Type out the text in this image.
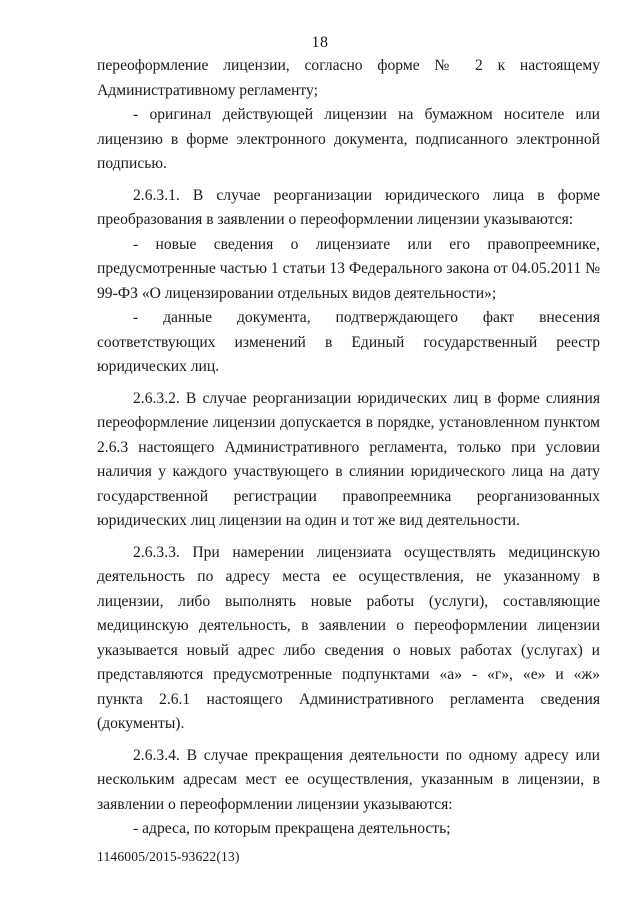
18

переоформление лицензии, согласно форме № 2 к настоящему Административному регламенту;

- оригинал действующей лицензии на бумажном носителе или лицензию в форме электронного документа, подписанного электронной подписью.

2.6.3.1. В случае реорганизации юридического лица в форме преобразования в заявлении о переоформлении лицензии указываются:

- новые сведения о лицензиате или его правопреемнике, предусмотренные частью 1 статьи 13 Федерального закона от 04.05.2011 № 99-ФЗ «О лицензировании отдельных видов деятельности»;

- данные документа, подтверждающего факт внесения соответствующих изменений в Единый государственный реестр юридических лиц.

2.6.3.2. В случае реорганизации юридических лиц в форме слияния переоформление лицензии допускается в порядке, установленном пунктом 2.6.3 настоящего Административного регламента, только при условии наличия у каждого участвующего в слиянии юридического лица на дату государственной регистрации правопреемника реорганизованных юридических лиц лицензии на один и тот же вид деятельности.

2.6.3.3. При намерении лицензиата осуществлять медицинскую деятельность по адресу места ее осуществления, не указанному в лицензии, либо выполнять новые работы (услуги), составляющие медицинскую деятельность, в заявлении о переоформлении лицензии указывается новый адрес либо сведения о новых работах (услугах) и представляются предусмотренные подпунктами «а» - «г», «е» и «ж» пункта 2.6.1 настоящего Административного регламента сведения (документы).

2.6.3.4. В случае прекращения деятельности по одному адресу или нескольким адресам мест ее осуществления, указанным в лицензии, в заявлении о переоформлении лицензии указываются:

- адреса, по которым прекращена деятельность;

1146005/2015-93622(13)
